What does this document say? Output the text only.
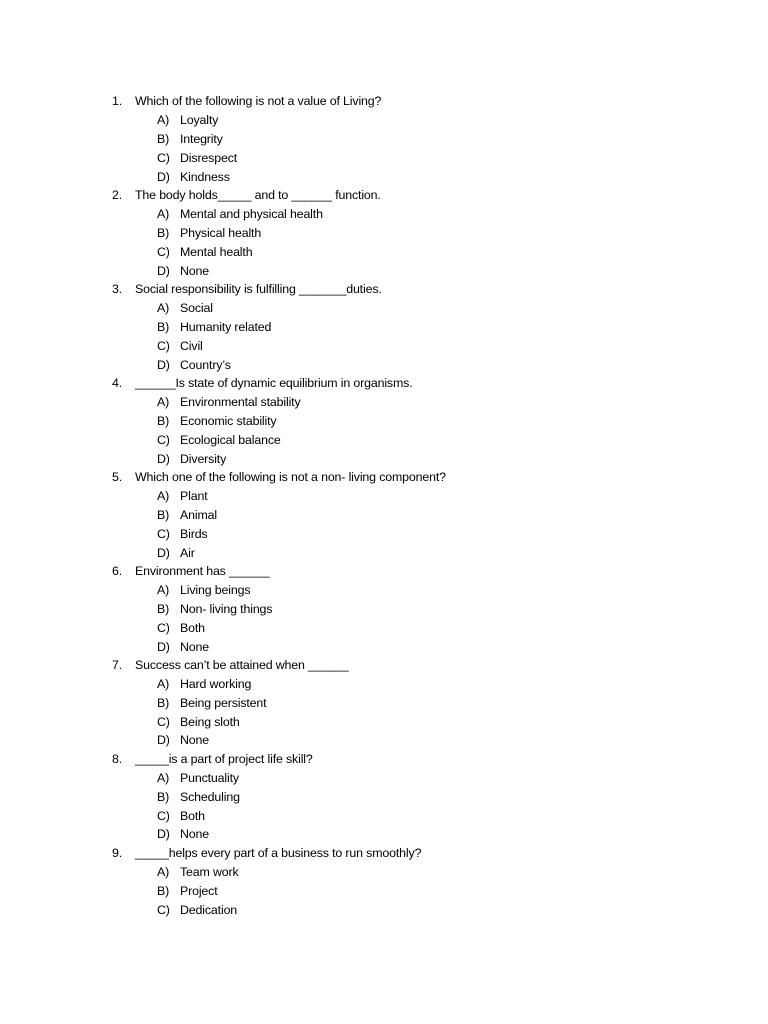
1.	Which of the following is not a value of Living?
A) Loyalty
B) Integrity
C) Disrespect
D) Kindness
2.	The body holds_____ and to ______ function.
A) Mental and physical health
B) Physical health
C) Mental health
D) None
3.	Social responsibility is fulfilling _______duties.
A) Social
B) Humanity related
C) Civil
D) Country’s
4.	______Is state of dynamic equilibrium in organisms.
A) Environmental stability
B) Economic stability
C) Ecological balance
D) Diversity
5.	Which one of the following is not a non- living component?
A) Plant
B) Animal
C) Birds
D) Air
6.	Environment has ______
A) Living beings
B) Non- living things
C) Both
D) None
7.	Success can’t be attained when ______
A) Hard working
B) Being persistent
C) Being sloth
D) None
8.	_____is a part of project life skill?
A) Punctuality
B) Scheduling
C) Both
D) None
9.	_____helps every part of a business to run smoothly?
A) Team work
B) Project
C) Dedication
